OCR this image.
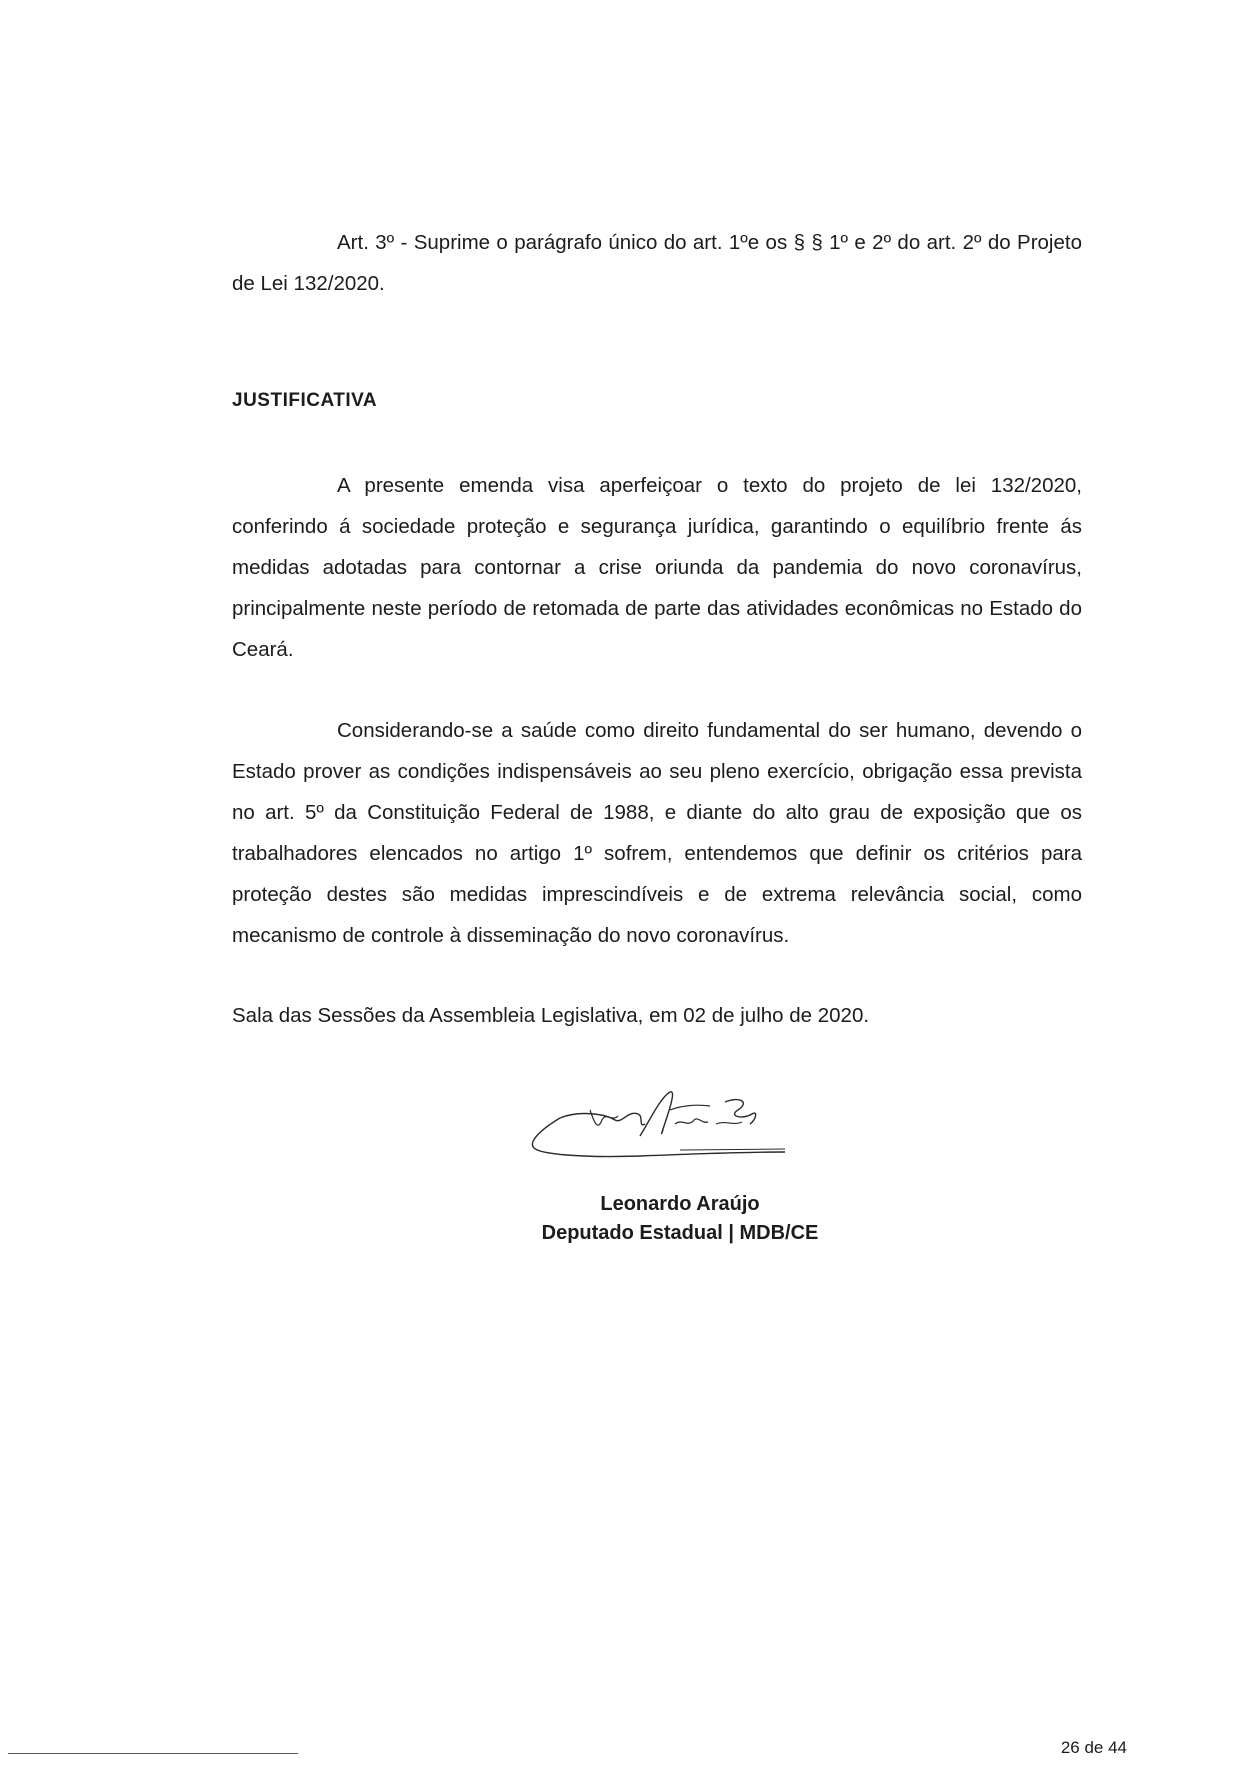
Art. 3º - Suprime o parágrafo único do art. 1ºe os § § 1º e 2º do art. 2º do Projeto de Lei 132/2020.
JUSTIFICATIVA
A presente emenda visa aperfeiçoar o texto do projeto de lei 132/2020, conferindo á sociedade proteção e segurança jurídica, garantindo o equilíbrio frente ás medidas adotadas para contornar a crise oriunda da pandemia do novo coronavírus, principalmente neste período de retomada de parte das atividades econômicas no Estado do Ceará.
Considerando-se a saúde como direito fundamental do ser humano, devendo o Estado prover as condições indispensáveis ao seu pleno exercício, obrigação essa prevista no art. 5º da Constituição Federal de 1988, e diante do alto grau de exposição que os trabalhadores elencados no artigo 1º sofrem, entendemos que definir os critérios para proteção destes são medidas imprescindíveis e de extrema relevância social, como mecanismo de controle à disseminação do novo coronavírus.
Sala das Sessões da Assembleia Legislativa, em 02 de julho de 2020.
Leonardo Araújo
Deputado Estadual | MDB/CE
26 de 44
